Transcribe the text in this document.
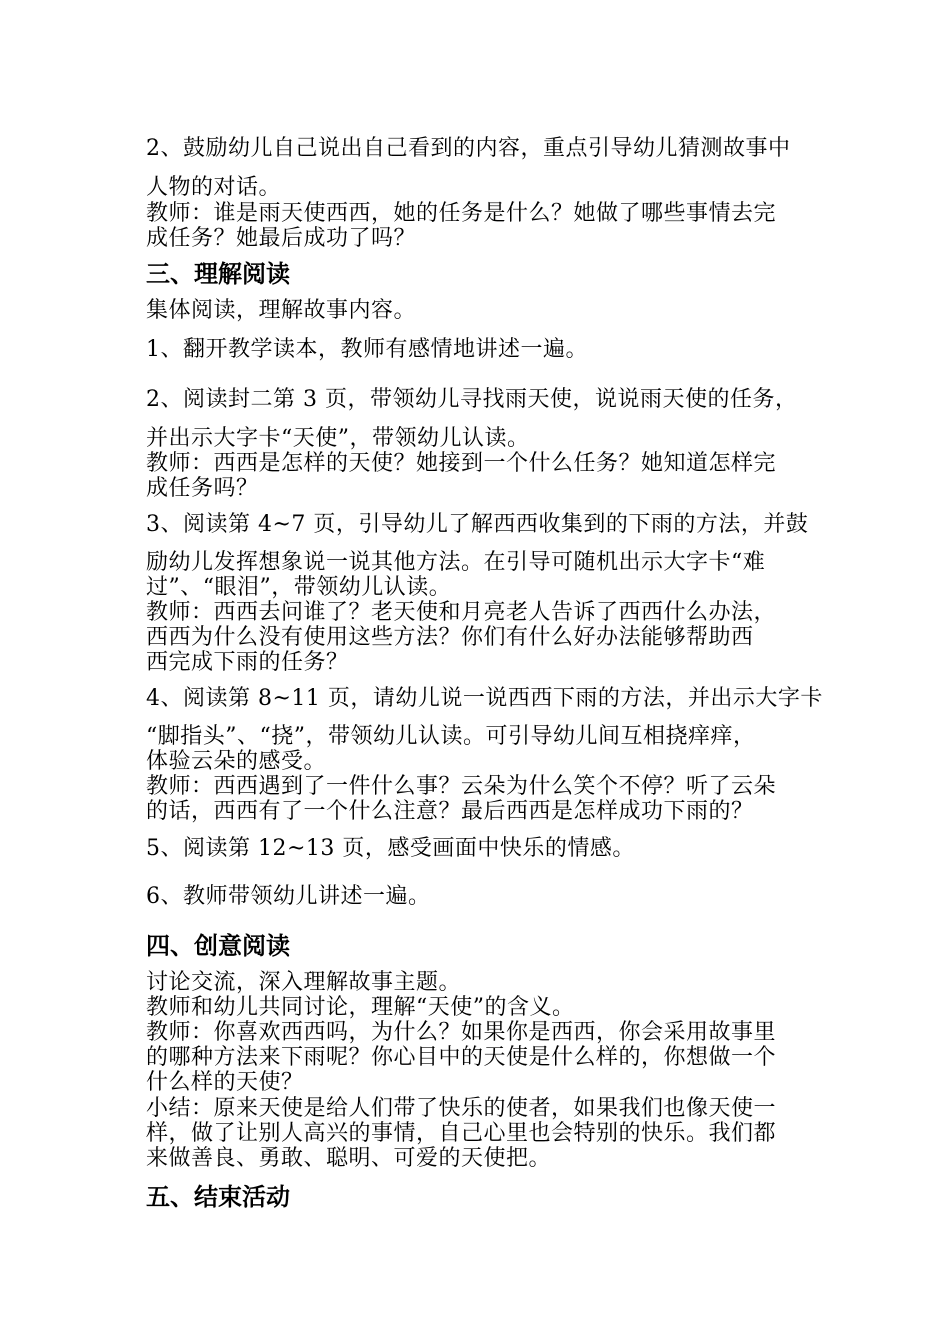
2、鼓励幼儿自己说出自己看到的内容，重点引导幼儿猜测故事中
人物的对话。
教师：谁是雨天使西西，她的任务是什么？她做了哪些事情去完
成任务？她最后成功了吗？
三、理解阅读
集体阅读，理解故事内容。
1、翻开教学读本，教师有感情地讲述一遍。
2、阅读封二第 3 页，带领幼儿寻找雨天使，说说雨天使的任务，
并出示大字卡“天使”，带领幼儿认读。
教师：西西是怎样的天使？她接到一个什么任务？她知道怎样完
成任务吗？
3、阅读第 4~7 页，引导幼儿了解西西收集到的下雨的方法，并鼓
励幼儿发挥想象说一说其他方法。在引导可随机出示大字卡“难
过”、“眼泪”，带领幼儿认读。
教师：西西去问谁了？老天使和月亮老人告诉了西西什么办法，
西西为什么没有使用这些方法？你们有什么好办法能够帮助西
西完成下雨的任务？
4、阅读第 8~11 页，请幼儿说一说西西下雨的方法，并出示大字卡
“脚指头”、“挠”，带领幼儿认读。可引导幼儿间互相挠痒痒，
体验云朵的感受。
教师：西西遇到了一件什么事？云朵为什么笑个不停？听了云朵
的话，西西有了一个什么注意？最后西西是怎样成功下雨的？
5、阅读第 12~13 页，感受画面中快乐的情感。
6、教师带领幼儿讲述一遍。
四、创意阅读
讨论交流，深入理解故事主题。
教师和幼儿共同讨论，理解“天使”的含义。
教师：你喜欢西西吗，为什么？如果你是西西，你会采用故事里
的哪种方法来下雨呢？你心目中的天使是什么样的，你想做一个
什么样的天使？
小结：原来天使是给人们带了快乐的使者，如果我们也像天使一
样，做了让别人高兴的事情，自己心里也会特别的快乐。我们都
来做善良、勇敢、聪明、可爱的天使把。
五、结束活动
